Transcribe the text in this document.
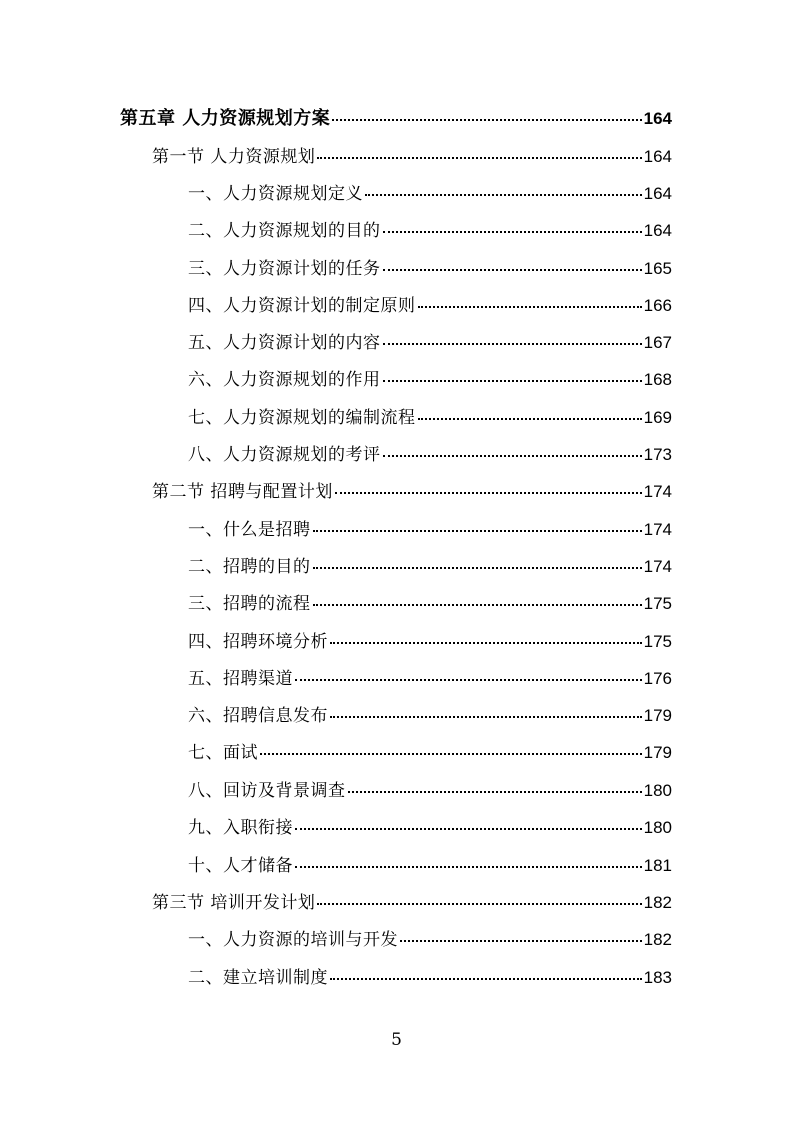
第五章 人力资源规划方案	164
第一节 人力资源规划	164
一、人力资源规划定义	164
二、人力资源规划的目的	164
三、人力资源计划的任务	165
四、人力资源计划的制定原则	166
五、人力资源计划的内容	167
六、人力资源规划的作用	168
七、人力资源规划的编制流程	169
八、人力资源规划的考评	173
第二节 招聘与配置计划	174
一、什么是招聘	174
二、招聘的目的	174
三、招聘的流程	175
四、招聘环境分析	175
五、招聘渠道	176
六、招聘信息发布	179
七、面试	179
八、回访及背景调查	180
九、入职衔接	180
十、人才储备	181
第三节 培训开发计划	182
一、人力资源的培训与开发	182
二、建立培训制度	183
5
